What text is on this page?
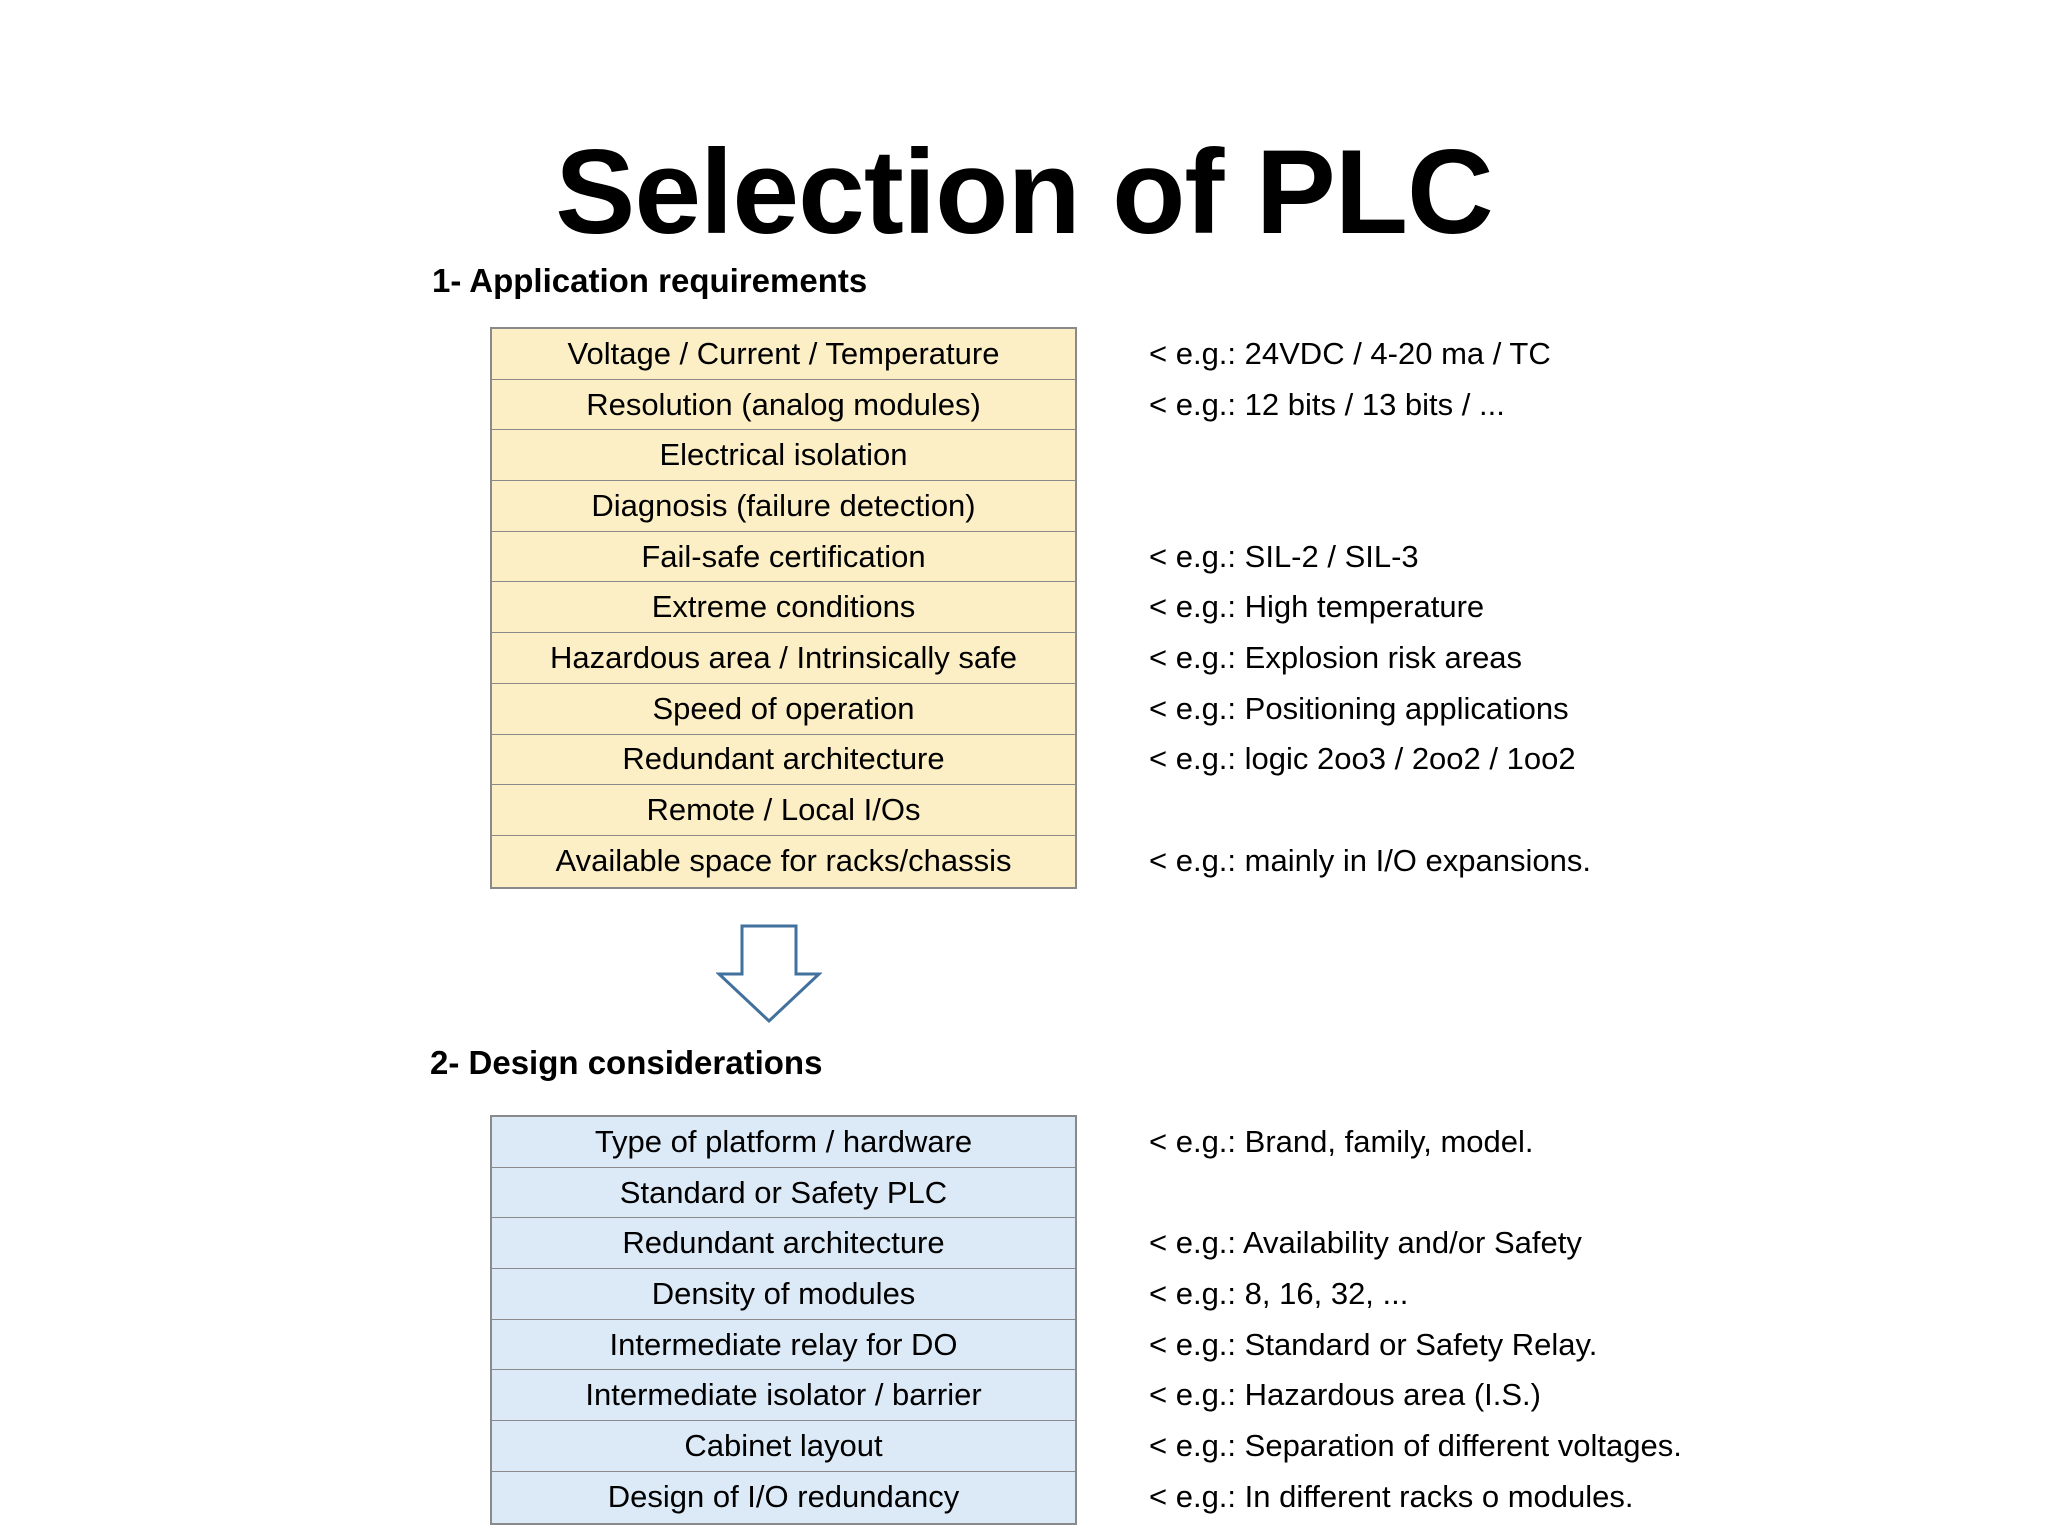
Selection of PLC
1- Application requirements
Voltage / Current / Temperature
Resolution (analog modules)
Electrical isolation
Diagnosis (failure detection)
Fail-safe certification
Extreme conditions
Hazardous area / Intrinsically safe
Speed of operation
Redundant architecture
Remote / Local I/Os
Available space for racks/chassis
< e.g.: 24VDC / 4-20 ma / TC
< e.g.: 12 bits / 13 bits / ...
< e.g.: SIL-2 / SIL-3
< e.g.: High temperature
< e.g.: Explosion risk areas
< e.g.: Positioning applications
< e.g.: logic 2oo3 / 2oo2 / 1oo2
< e.g.: mainly in I/O expansions.
2- Design considerations
Type of platform / hardware
Standard or Safety PLC
Redundant architecture
Density of modules
Intermediate relay for DO
Intermediate isolator / barrier
Cabinet layout
Design of I/O redundancy
< e.g.: Brand, family, model.
< e.g.: Availability and/or Safety
< e.g.: 8, 16, 32, ...
< e.g.: Standard or Safety Relay.
< e.g.: Hazardous area (I.S.)
< e.g.: Separation of different voltages.
< e.g.: In different racks o modules.
